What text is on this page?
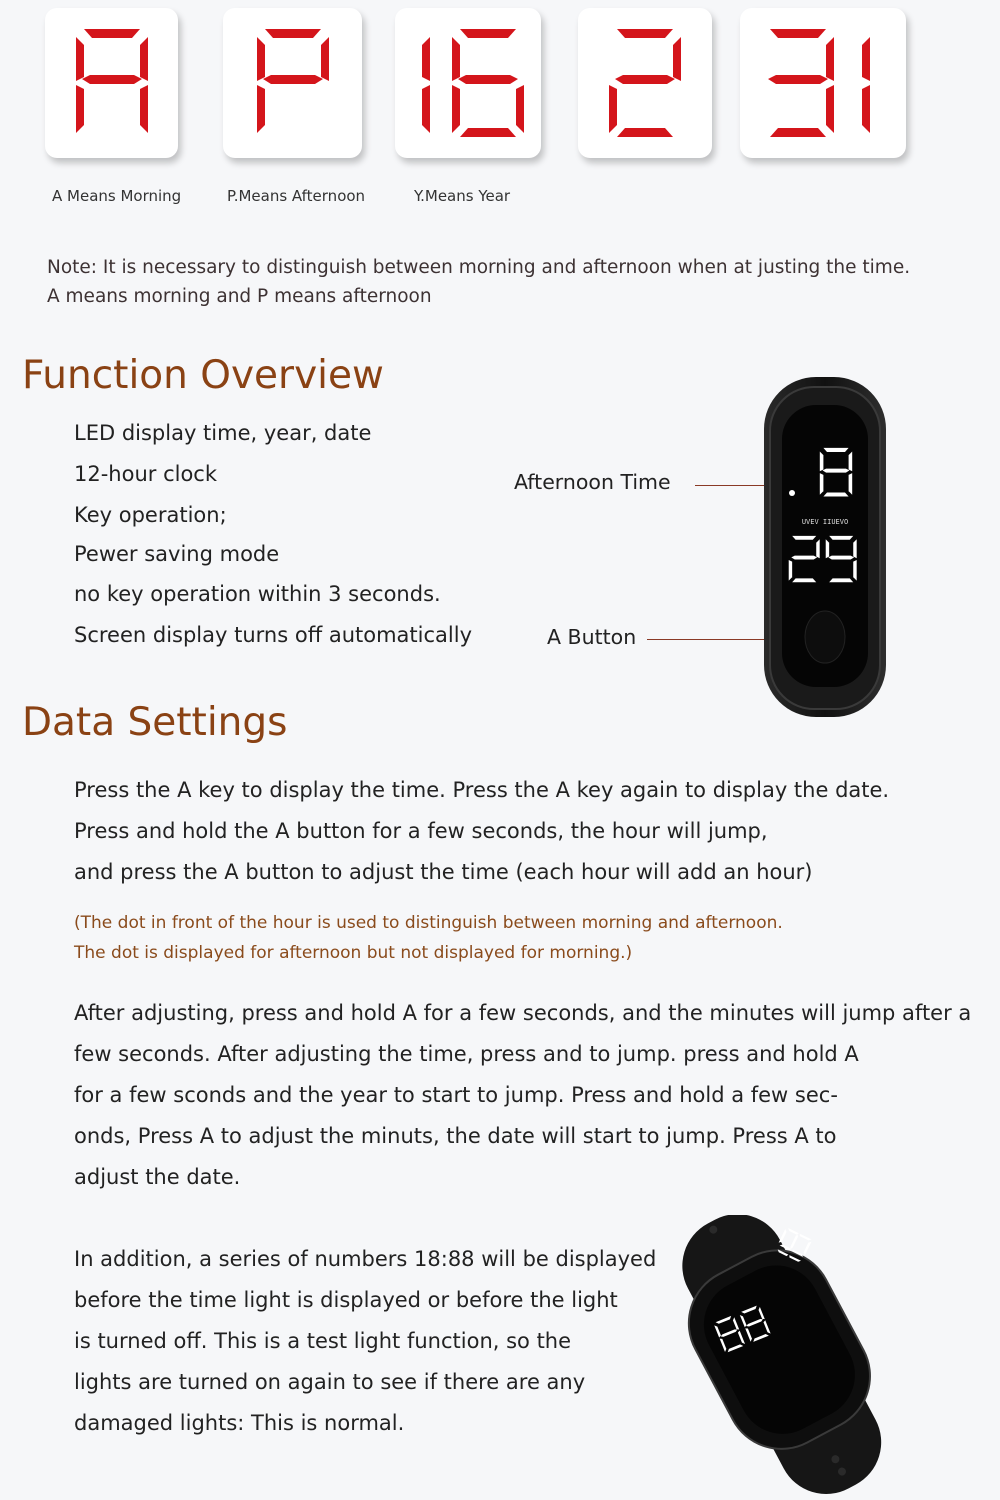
A Means Morning	P.Means Afternoon	Y.Means Year
Note: It is necessary to distinguish between morning and afternoon when at justing the time.
A means morning and P means afternoon
Function Overview
LED display time, year, date
12-hour clock
Key operation;
Pewer saving mode
no key operation within 3 seconds.
Screen display turns off automatically
Afternoon Time
A Button
UVEV IIUEVO
Data Settings
Press the A key to display the time. Press the A key again to display the date.
Press and hold the A button for a few seconds, the hour will jump,
and press the A button to adjust the time (each hour will add an hour)
(The dot in front of the hour is used to distinguish between morning and afternoon.
The dot is displayed for afternoon but not displayed for morning.)
After adjusting, press and hold A for a few seconds, and the minutes will jump after a
few seconds. After adjusting the time, press and to jump. press and hold A
for a few sconds and the year to start to jump. Press and hold a few sec-
onds, Press A to adjust the minuts, the date will start to jump. Press A to
adjust the date.
In addition, a series of numbers 18:88 will be displayed
before the time light is displayed or before the light
is turned off. This is a test light function, so the
lights are turned on again to see if there are any
damaged lights: This is normal.
